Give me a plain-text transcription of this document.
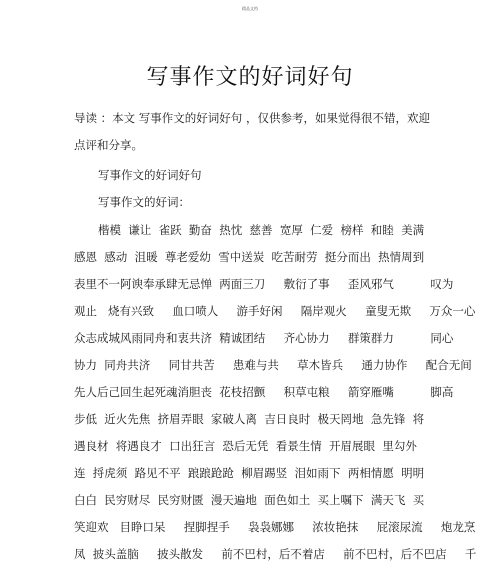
精品文档
写事作文的好词好句
导读 ：本文 写事作文的好词好句 ，仅供参考，如果觉得很不错，欢迎
点评和分享。
写事作文的好词好句
写事作文的好词：
楷模  谦让  雀跃  勤奋  热忱  慈善  宽厚  仁爱  榜样  和睦  美满
感恩  感动  沮暖  尊老爱幼  雪中送炭  吃苦耐劳  挺分而出  热情周到
表里不一阿谀奉承肆无忌惮  两面三刀     敷衍了事     歪风邪气          叹为
观止   烧有兴致     血口喷人     游手好闲     隔岸观火     童叟无欺     万众一心
众志成城风雨同舟和衷共济  精诚团结     齐心协力     群策群力          同心
协力  同舟共济     同甘共苦     患难与共     草木皆兵     通力协作     配合无间
先人后己回生起死魂消胆丧  花枝招颤     积草屯粮     箭穿雁嘴          脚高
步低  近火先焦  挤眉弄眼  家破人离  吉日良时  极天罔地  急先锋  将
遇良材  将遇良才  口出狂言  恐后无凭  看景生情  开眉展眼  里勾外
连  捋虎须  路见不平  踉踉跄跄  柳眉踢竖  泪如雨下  两相情愿  明明
白白  民穷财尽  民穷财匮  漫天遍地  面色如土  买上嘱下  满天飞  买
笑迎欢   目睁口呆     捏脚捏手     袅袅娜娜     浓妆艳抹     屁滚尿流     炮龙烹
凤  披头盖脑     披头散发     前不巴村，后不着店     前不巴村，后不巴店     千
